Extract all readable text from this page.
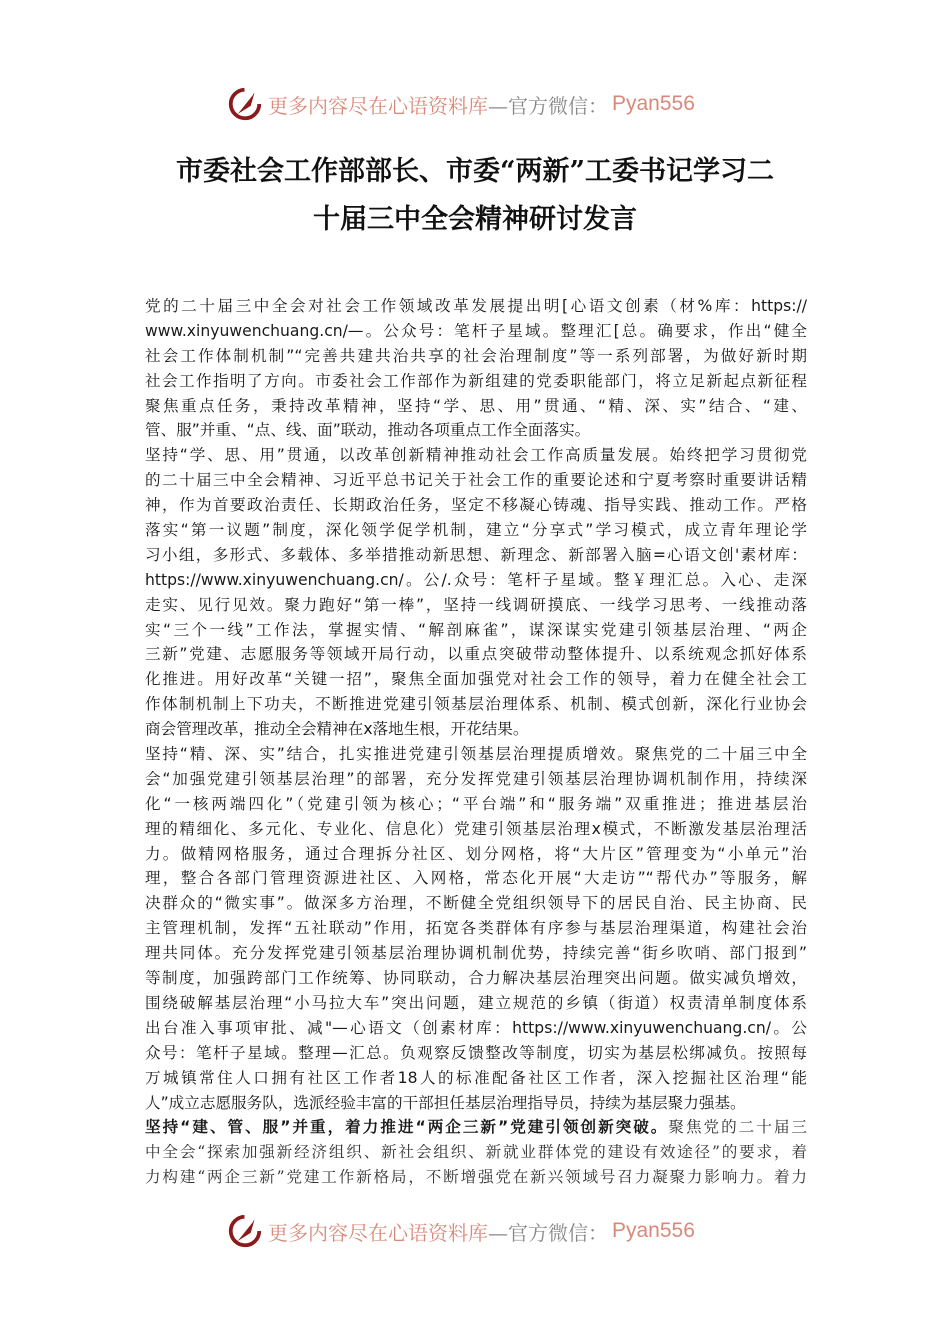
更多内容尽在心语资料库 —官方微信： Pyan556
市委社会工作部部长、市委“两新”工委书记学习二
十届三中全会精神研讨发言
党的二十届三中全会对社会工作领域改革发展提出明[心语文创素（材%库：https://
www.xinyuwenchuang.cn/—。公众号：笔杆子星域。整理汇[总。确要求，作出“健全
社会工作体制机制”“完善共建共治共享的社会治理制度”等一系列部署，为做好新时期
社会工作指明了方向。市委社会工作部作为新组建的党委职能部门，将立足新起点新征程
聚焦重点任务，秉持改革精神，坚持“学、思、用”贯通、“精、深、实”结合、“建、
管、服”并重、“点、线、面”联动，推动各项重点工作全面落实。
坚持“学、思、用”贯通，以改革创新精神推动社会工作高质量发展。始终把学习贯彻党
的二十届三中全会精神、习近平总书记关于社会工作的重要论述和宁夏考察时重要讲话精
神，作为首要政治责任、长期政治任务，坚定不移凝心铸魂、指导实践、推动工作。严格
落实“第一议题”制度，深化领学促学机制，建立“分享式”学习模式，成立青年理论学
习小组，多形式、多载体、多举措推动新思想、新理念、新部署入脑=心语文创'素材库：
https://www.xinyuwenchuang.cn/。公/.众号：笔杆子星域。整￥理汇总。入心、走深
走实、见行见效。聚力跑好“第一棒”，坚持一线调研摸底、一线学习思考、一线推动落
实“三个一线”工作法，掌握实情、“解剖麻雀”，谋深谋实党建引领基层治理、“两企
三新”党建、志愿服务等领域开局行动，以重点突破带动整体提升、以系统观念抓好体系
化推进。用好改革“关键一招”，聚焦全面加强党对社会工作的领导，着力在健全社会工
作体制机制上下功夫，不断推进党建引领基层治理体系、机制、模式创新，深化行业协会
商会管理改革，推动全会精神在x落地生根，开花结果。
坚持“精、深、实”结合，扎实推进党建引领基层治理提质增效。聚焦党的二十届三中全
会“加强党建引领基层治理”的部署，充分发挥党建引领基层治理协调机制作用，持续深
化“一核两端四化”（党建引领为核心；“平台端”和“服务端”双重推进；推进基层治
理的精细化、多元化、专业化、信息化）党建引领基层治理x模式，不断激发基层治理活
力。做精网格服务，通过合理拆分社区、划分网格，将“大片区”管理变为“小单元”治
理，整合各部门管理资源进社区、入网格，常态化开展“大走访”“帮代办”等服务，解
决群众的“微实事”。做深多方治理，不断健全党组织领导下的居民自治、民主协商、民
主管理机制，发挥“五社联动”作用，拓宽各类群体有序参与基层治理渠道，构建社会治
理共同体。充分发挥党建引领基层治理协调机制优势，持续完善“街乡吹哨、部门报到”
等制度，加强跨部门工作统筹、协同联动，合力解决基层治理突出问题。做实减负增效，
围绕破解基层治理“小马拉大车”突出问题，建立规范的乡镇（街道）权责清单制度体系
出台准入事项审批、减"—心语文（创素材库：https://www.xinyuwenchuang.cn/。公
众号：笔杆子星域。整理—汇总。负观察反馈整改等制度，切实为基层松绑减负。按照每
万城镇常住人口拥有社区工作者18人的标准配备社区工作者，深入挖掘社区治理“能
人”成立志愿服务队，选派经验丰富的干部担任基层治理指导员，持续为基层聚力强基。
坚持“建、管、服”并重，着力推进“两企三新”党建引领创新突破。聚焦党的二十届三
中全会“探索加强新经济组织、新社会组织、新就业群体党的建设有效途径”的要求，着
力构建“两企三新”党建工作新格局，不断增强党在新兴领域号召力凝聚力影响力。着力
更多内容尽在心语资料库 —官方微信： Pyan556
